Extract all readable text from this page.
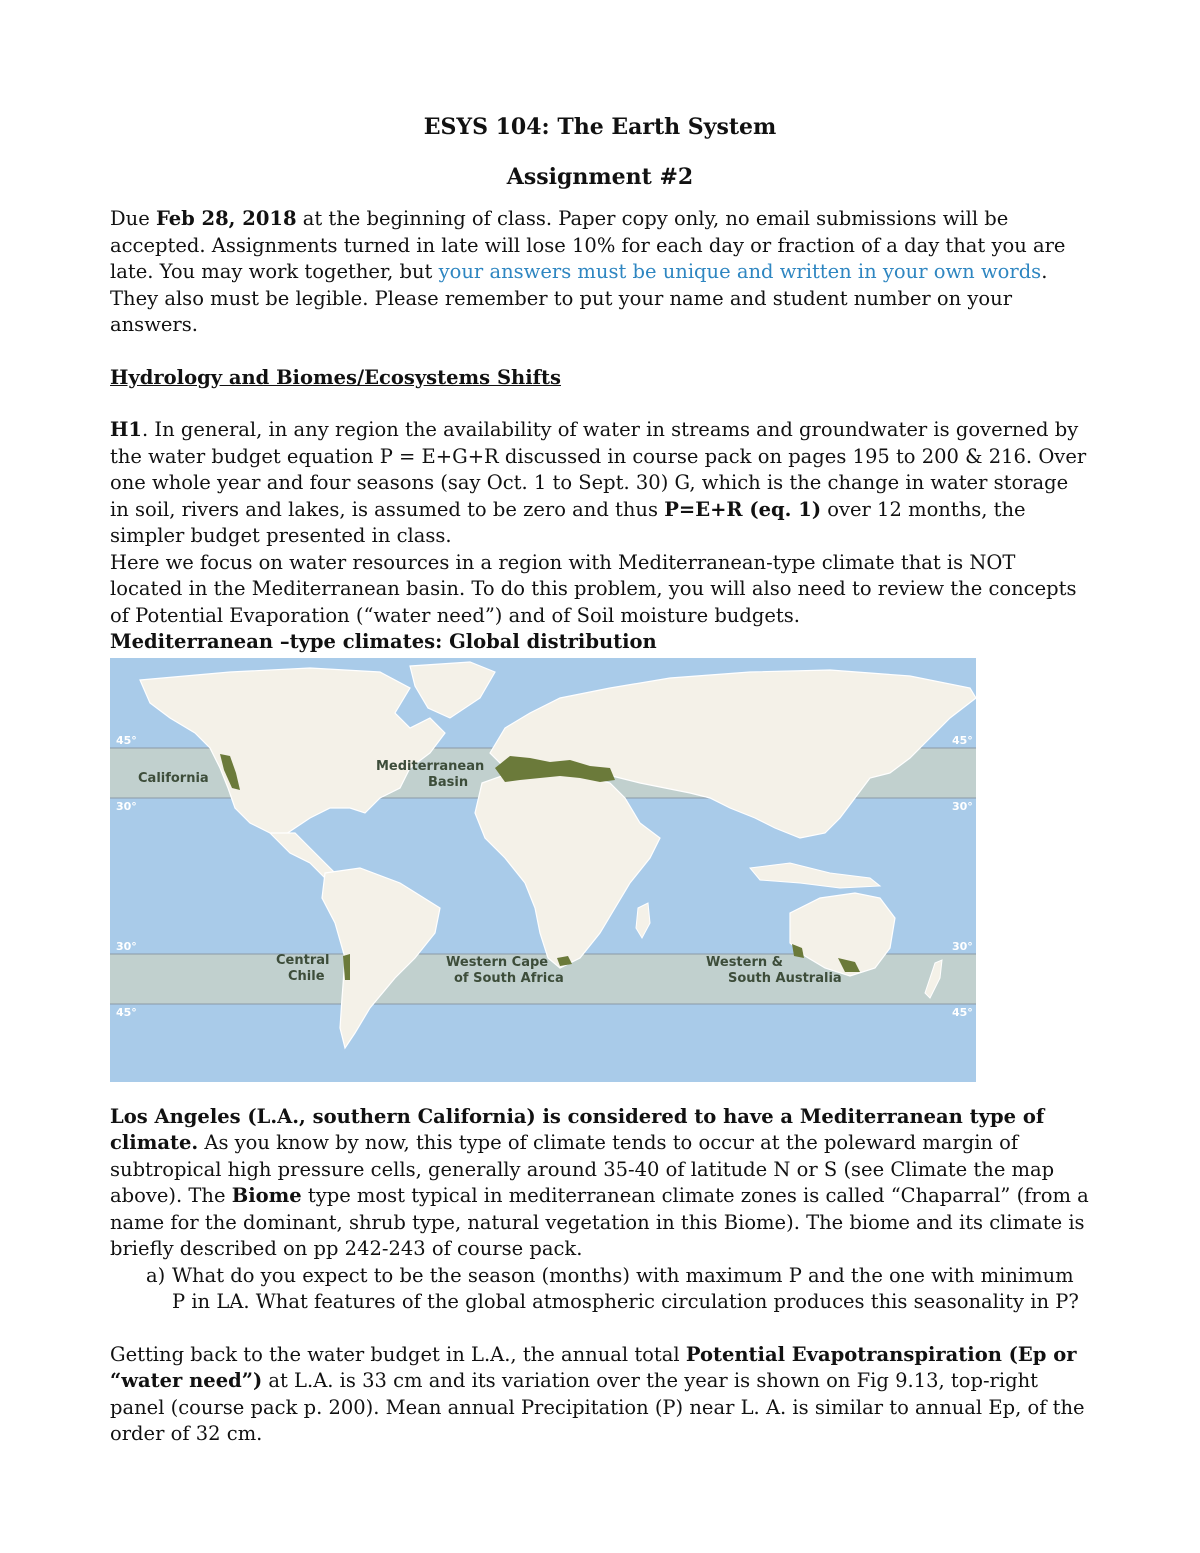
ESYS 104: The Earth System

Assignment #2

Due Feb 28, 2018 at the beginning of class. Paper copy only, no email submissions will be accepted. Assignments turned in late will lose 10% for each day or fraction of a day that you are late. You may work together, but your answers must be unique and written in your own words. They also must be legible. Please remember to put your name and student number on your answers.

Hydrology and Biomes/Ecosystems Shifts

H1. In general, in any region the availability of water in streams and groundwater is governed by the water budget equation P = E+G+R discussed in course pack on pages 195 to 200 & 216. Over one whole year and four seasons (say Oct. 1 to Sept. 30) G, which is the change in water storage in soil, rivers and lakes, is assumed to be zero and thus P=E+R (eq. 1) over 12 months, the simpler budget presented in class.

Here we focus on water resources in a region with Mediterranean-type climate that is NOT located in the Mediterranean basin. To do this problem, you will also need to review the concepts of Potential Evaporation (“water need”) and of Soil moisture budgets.

Mediterranean –type climates: Global distribution

California
Mediterranean
Basin
Central
Chile
Western Cape
of South Africa
Western &
South Australia
45°
30°
30°
45°
45°
30°
30°
45°

Los Angeles (L.A., southern California) is considered to have a Mediterranean type of climate. As you know by now, this type of climate tends to occur at the poleward margin of subtropical high pressure cells, generally around 35-40 of latitude N or S (see Climate the map above). The Biome type most typical in mediterranean climate zones is called “Chaparral” (from a name for the dominant, shrub type, natural vegetation in this Biome). The biome and its climate is briefly described on pp 242-243 of course pack.

a) What do you expect to be the season (months) with maximum P and the one with minimum P in LA. What features of the global atmospheric circulation produces this seasonality in P?

Getting back to the water budget in L.A., the annual total Potential Evapotranspiration (Ep or “water need”) at L.A. is 33 cm and its variation over the year is shown on Fig 9.13, top-right panel (course pack p. 200). Mean annual Precipitation (P) near L. A. is similar to annual Ep, of the order of 32 cm.
